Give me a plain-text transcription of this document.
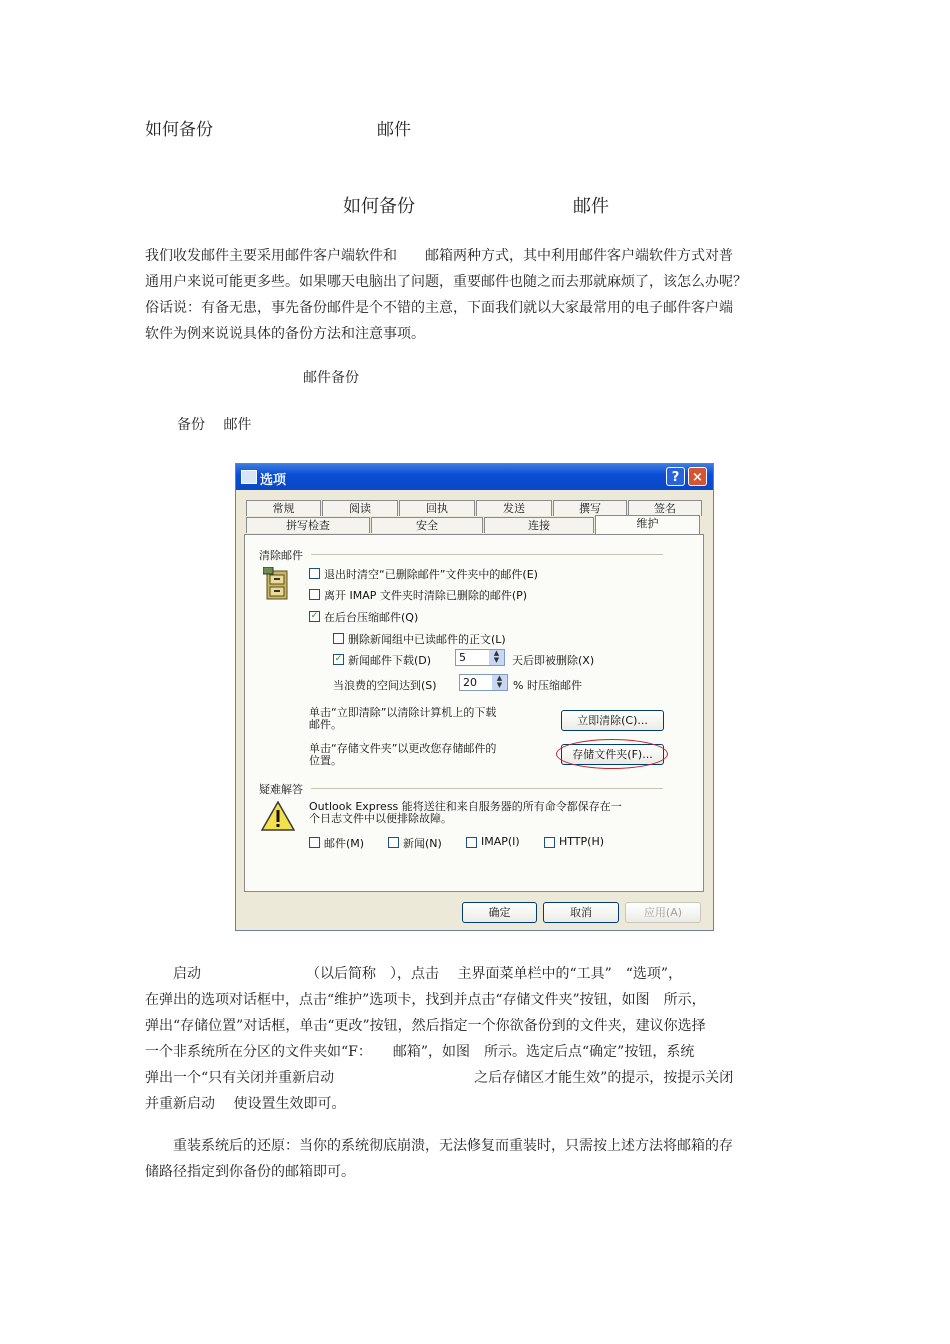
如何备份	邮件
如何备份	邮件
我们收发邮件主要采用邮件客户端软件和　　邮箱两种方式，其中利用邮件客户端软件方式对普
通用户来说可能更多些。如果哪天电脑出了问题，重要邮件也随之而去那就麻烦了，该怎么办呢？
俗话说：有备无患，事先备份邮件是个不错的主意，下面我们就以大家最常用的电子邮件客户端
软件为例来说说具体的备份方法和注意事项。
邮件备份
备份　 邮件
选项	? ×
常规	阅读	回执	发送	撰写	签名
拼写检查	安全	连接	维护
清除邮件
退出时清空“已删除邮件”文件夹中的邮件(E)
离开 IMAP 文件夹时清除已删除的邮件(P)
✓ 在后台压缩邮件(Q)
删除新闻组中已读邮件的正文(L)
✓ 新闻邮件下载(D)	5	▲
▼	天后即被删除(X)
当浪费的空间达到(S)	20	▲
▼ % 时压缩邮件
单击“立即清除”以清除计算机上的下载
邮件。	立即清除(C)...
单击“存储文件夹”以更改您存储邮件的
位置。	存储文件夹(F)...
疑难解答
Outlook Express 能将送往和来自服务器的所有命令都保存在一
个日志文件中以便排除故障。
邮件(M)	新闻(N)	IMAP(I)	HTTP(H)
确定	取消	应用(A)
　　启动　　　　　　　　（以后简称　），点击　 主界面菜单栏中的“工具”　“选项”，
在弹出的选项对话框中，点击“维护”选项卡，找到并点击“存储文件夹”按钮，如图　所示，
弹出“存储位置”对话框，单击“更改”按钮，然后指定一个你欲备份到的文件夹，建议你选择
一个非系统所在分区的文件夹如“F：　　邮箱”，如图　所示。选定后点“确定”按钮，系统
弹出一个“只有关闭并重新启动　　　　　　　　　　之后存储区才能生效”的提示，按提示关闭
并重新启动　 使设置生效即可。
　　重装系统后的还原：当你的系统彻底崩溃，无法修复而重装时，只需按上述方法将邮箱的存
储路径指定到你备份的邮箱即可。
